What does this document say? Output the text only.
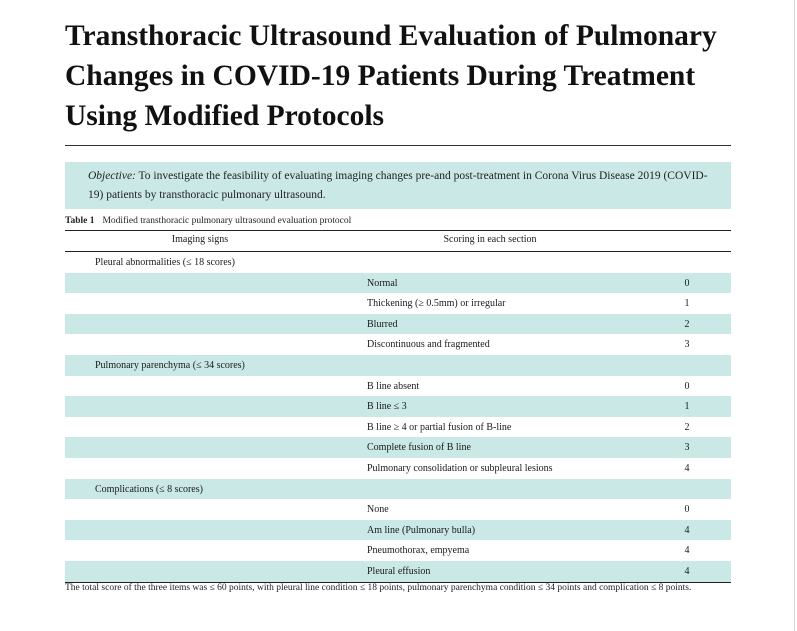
Transthoracic Ultrasound Evaluation of Pulmonary Changes in COVID-19 Patients During Treatment Using Modified Protocols
Objective: To investigate the feasibility of evaluating imaging changes pre-and post-treatment in Corona Virus Disease 2019 (COVID-19) patients by transthoracic pulmonary ultrasound.
Table 1 Modified transthoracic pulmonary ultrasound evaluation protocol
Imaging signs	Scoring in each section
Pleural abnormalities (≤ 18 scores)
Normal	0
Thickening (≥ 0.5mm) or irregular	1
Blurred	2
Discontinuous and fragmented	3
Pulmonary parenchyma (≤ 34 scores)
B line absent	0
B line ≤ 3	1
B line ≥ 4 or partial fusion of B-line	2
Complete fusion of B line	3
Pulmonary consolidation or subpleural lesions	4
Complications (≤ 8 scores)
None	0
Am line (Pulmonary bulla)	4
Pneumothorax, empyema	4
Pleural effusion	4
The total score of the three items was ≤ 60 points, with pleural line condition ≤ 18 points, pulmonary parenchyma condition ≤ 34 points and complication ≤ 8 points.
